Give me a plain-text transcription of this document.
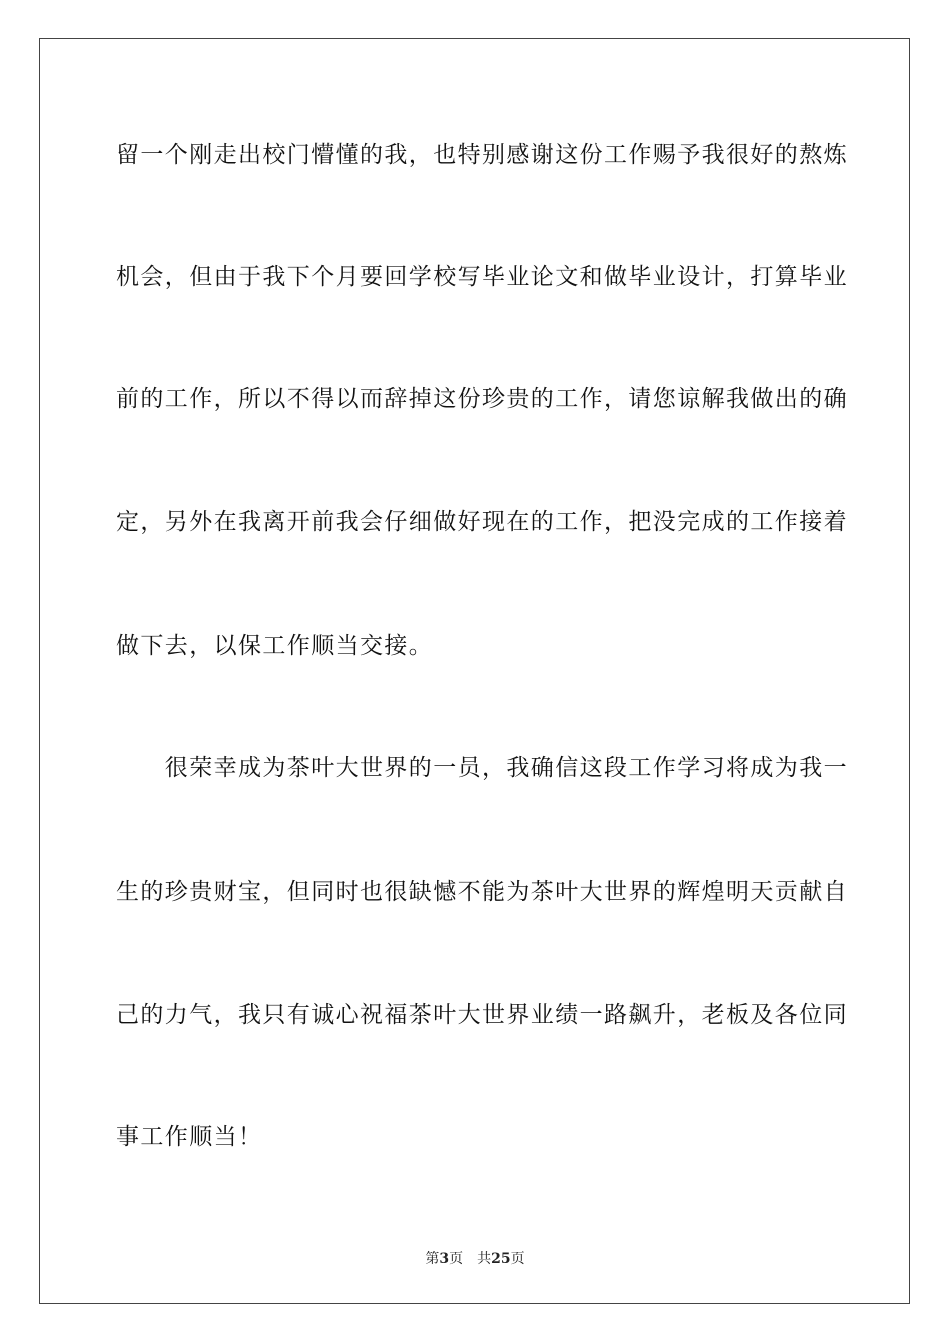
留一个刚走出校门懵懂的我，也特别感谢这份工作赐予我很好的熬炼
机会，但由于我下个月要回学校写毕业论文和做毕业设计，打算毕业
前的工作，所以不得以而辞掉这份珍贵的工作，请您谅解我做出的确
定，另外在我离开前我会仔细做好现在的工作，把没完成的工作接着
做下去，以保工作顺当交接。
　　很荣幸成为茶叶大世界的一员，我确信这段工作学习将成为我一
生的珍贵财宝，但同时也很缺憾不能为茶叶大世界的辉煌明天贡献自
己的力气，我只有诚心祝福茶叶大世界业绩一路飙升，老板及各位同
事工作顺当！
第3页 共25页
